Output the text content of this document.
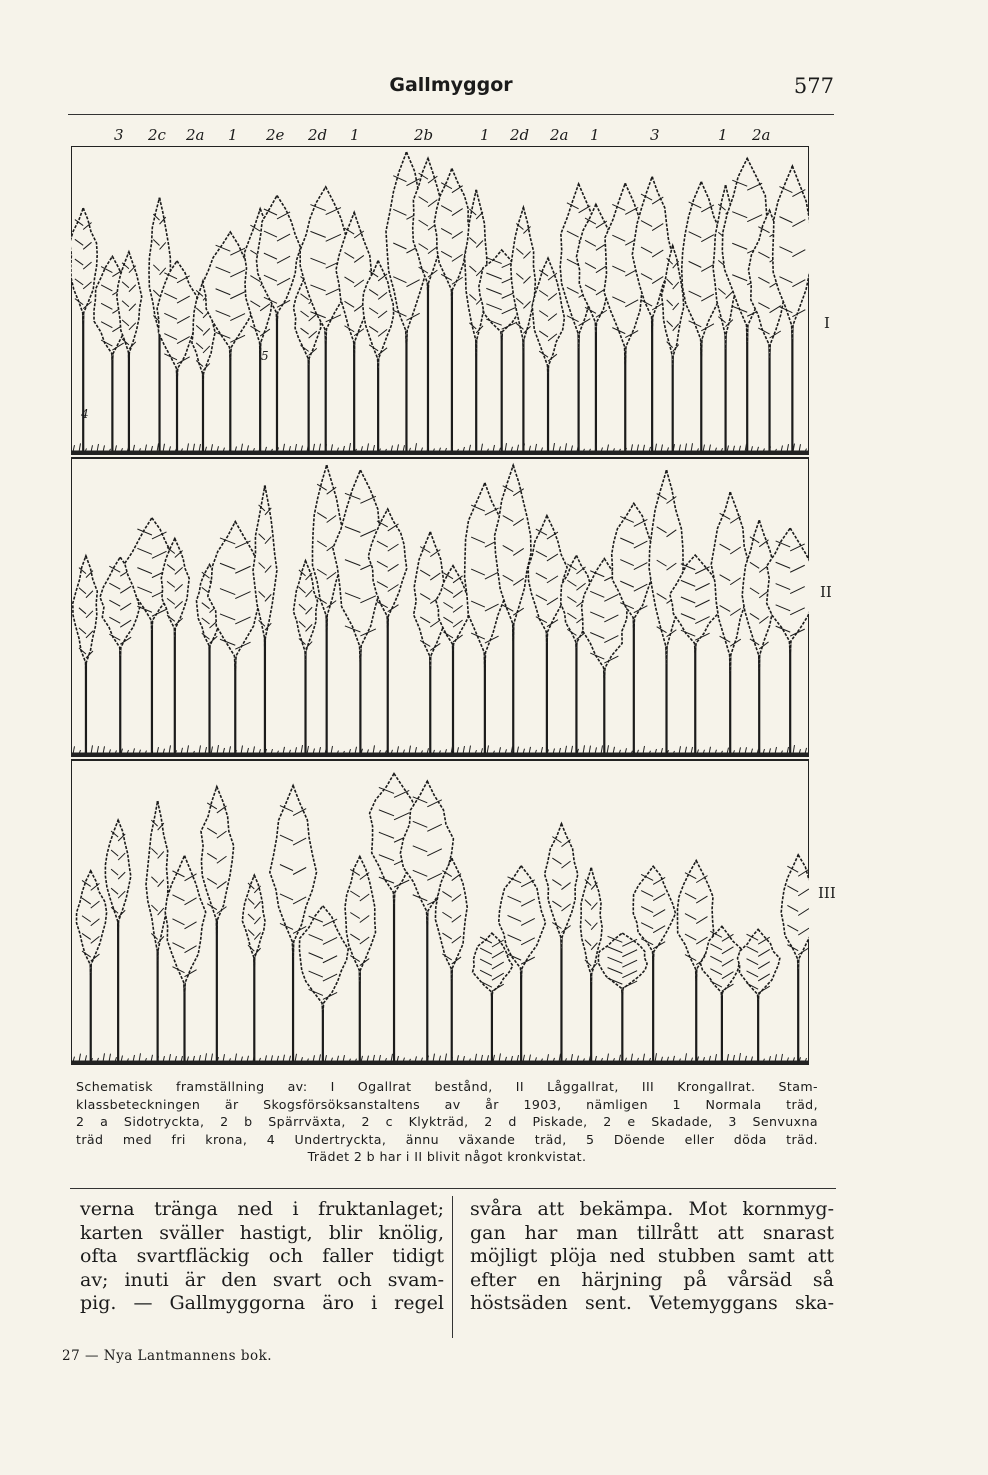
Gallmyggor	577
3 2c 2a 1 2e 2d 1	2b	1 2d 2a 1	3	1 2a
5
4
I
II
III
Schematisk framställning av: I Ogallrat bestånd, II Låggallrat, III Krongallrat. Stam-
klassbeteckningen är Skogsförsöksanstaltens av år 1903, nämligen 1 Normala träd,
2 a Sidotryckta, 2 b Spärrväxta, 2 c Klykträd, 2 d Piskade, 2 e Skadade, 3 Senvuxna
träd med fri krona, 4 Undertryckta, ännu växande träd, 5 Döende eller döda träd.
Trädet 2 b har i II blivit något kronkvistat.
verna tränga ned i fruktanlaget;
karten sväller hastigt, blir knölig,
ofta svartfläckig och faller tidigt
av; inuti är den svart och svam-
pig. — Gallmyggorna äro i regel
svåra att bekämpa. Mot kornmyg-
gan har man tillrått att snarast
möjligt plöja ned stubben samt att
efter en härjning på vårsäd så
höstsäden sent. Vetemyggans ska-
27 — Nya Lantmannens bok.
